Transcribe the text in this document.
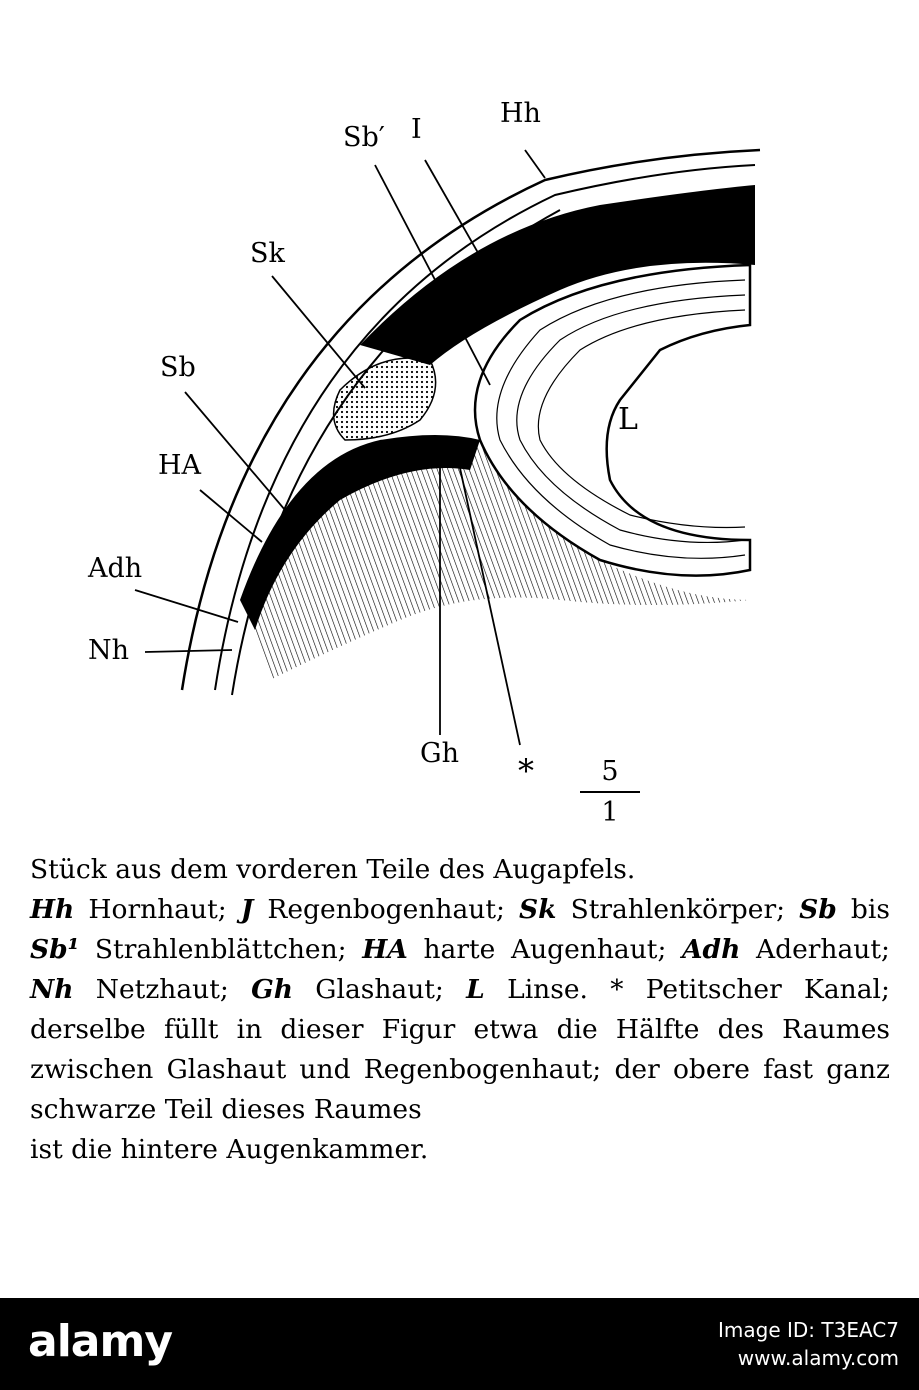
Hh
I
Sb′
Sk
Sb
HA
Adh
Nh
L
Gh * $\frac{5}{1}$

Stück aus dem vorderen Teile des Augapfels.
Hh Hornhaut; J Regenbogenhaut; Sk Strahlenkörper; Sb bis Sb¹ Strahlenblättchen; HA harte Augenhaut; Adh Aderhaut; Nh Netzhaut; Gh Glashaut; L Linse. * Petitscher Kanal; derselbe füllt in dieser Figur etwa die Hälfte des Raumes zwischen Glashaut und Regenbogenhaut; der obere fast ganz schwarze Teil dieses Raumes
ist die hintere Augenkammer.

alamy	Image ID: T3EAC7
www.alamy.com
